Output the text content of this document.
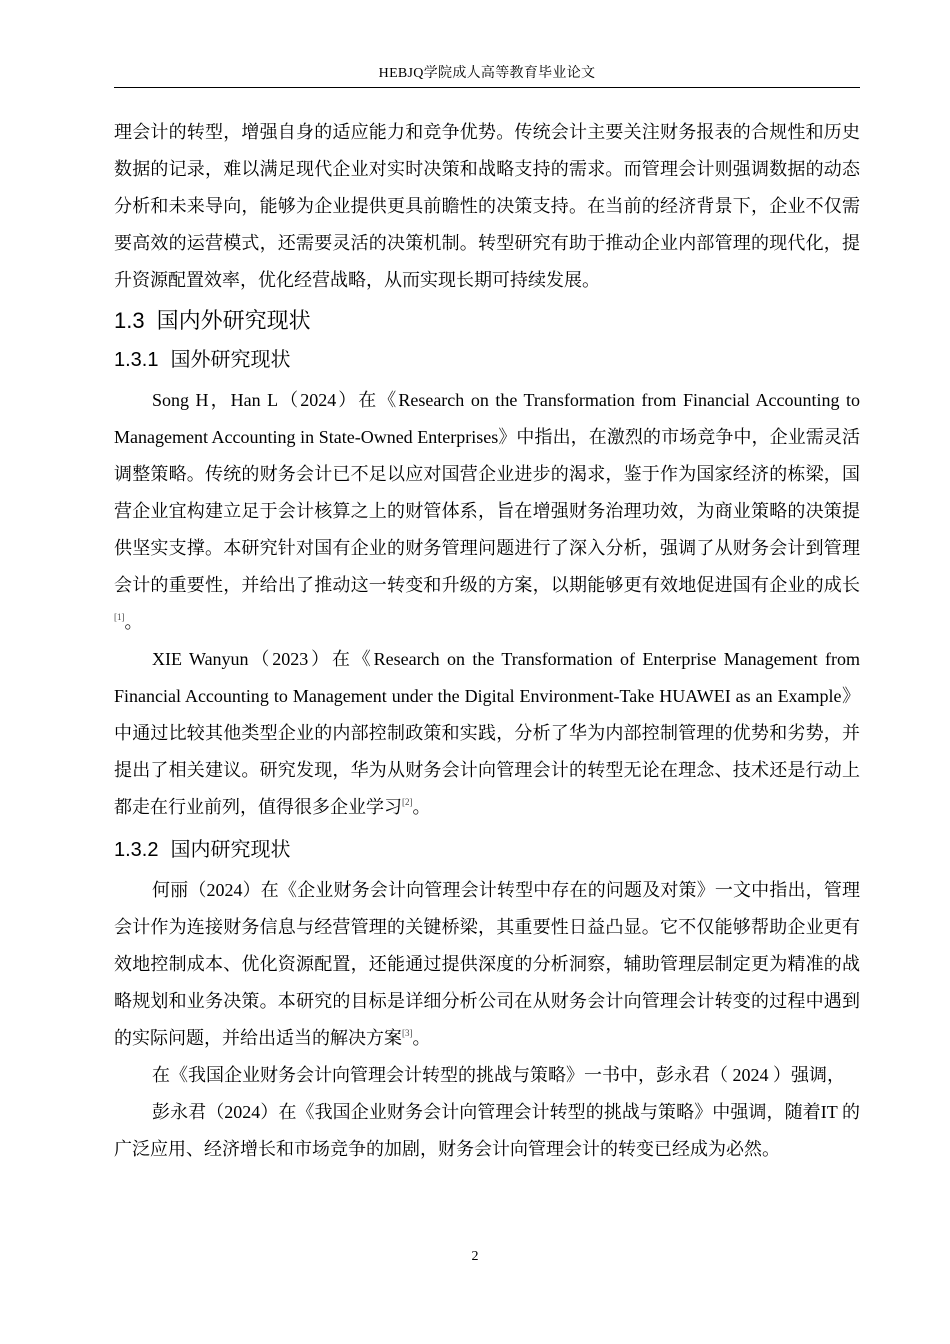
HEBJQ学院成人高等教育毕业论文

理会计的转型，增强自身的适应能力和竞争优势。传统会计主要关注财务报表的合规性和历史数据的记录，难以满足现代企业对实时决策和战略支持的需求。而管理会计则强调数据的动态分析和未来导向，能够为企业提供更具前瞻性的决策支持。在当前的经济背景下，企业不仅需要高效的运营模式，还需要灵活的决策机制。转型研究有助于推动企业内部管理的现代化，提升资源配置效率，优化经营战略，从而实现长期可持续发展。

1.3 国内外研究现状
1.3.1 国外研究现状

Song H，Han L（2024）在《Research on the Transformation from Financial Accounting to Management Accounting in State-Owned Enterprises》中指出，在激烈的市场竞争中，企业需灵活调整策略。传统的财务会计已不足以应对国营企业进步的渴求，鉴于作为国家经济的栋梁，国营企业宜构建立足于会计核算之上的财管体系，旨在增强财务治理功效，为商业策略的决策提供坚实支撑。本研究针对国有企业的财务管理问题进行了深入分析，强调了从财务会计到管理会计的重要性，并给出了推动这一转变和升级的方案，以期能够更有效地促进国有企业的成长[1]。

XIE Wanyun（2023）在《Research on the Transformation of Enterprise Management from Financial Accounting to Management under the Digital Environment-Take HUAWEI as an Example》中通过比较其他类型企业的内部控制政策和实践，分析了华为内部控制管理的优势和劣势，并提出了相关建议。研究发现，华为从财务会计向管理会计的转型无论在理念、技术还是行动上都走在行业前列，值得很多企业学习[2]。

1.3.2 国内研究现状

何丽（2024）在《企业财务会计向管理会计转型中存在的问题及对策》一文中指出，管理会计作为连接财务信息与经营管理的关键桥梁，其重要性日益凸显。它不仅能够帮助企业更有效地控制成本、优化资源配置，还能通过提供深度的分析洞察，辅助管理层制定更为精准的战略规划和业务决策。本研究的目标是详细分析公司在从财务会计向管理会计转变的过程中遇到的实际问题，并给出适当的解决方案[3]。

在《我国企业财务会计向管理会计转型的挑战与策略》一书中，彭永君（ 2024 ）强调，

彭永君（2024）在《我国企业财务会计向管理会计转型的挑战与策略》中强调，随着IT 的广泛应用、经济增长和市场竞争的加剧，财务会计向管理会计的转变已经成为必然。

2
